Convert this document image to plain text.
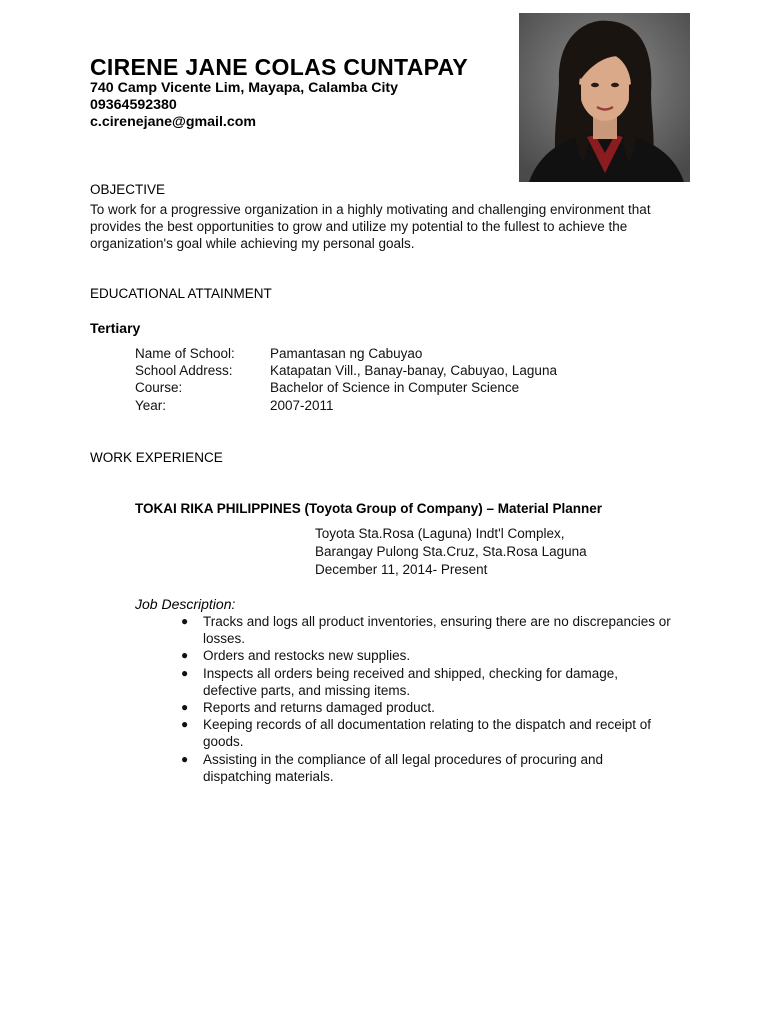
CIRENE JANE COLAS CUNTAPAY
740 Camp Vicente Lim, Mayapa, Calamba City
09364592380
c.cirenejane@gmail.com
OBJECTIVE
To work for a progressive organization in a highly motivating and challenging environment that provides the best opportunities to grow and utilize my potential to the fullest to achieve the organization's goal while achieving my personal goals.
EDUCATIONAL ATTAINMENT
Tertiary
Name of School:	Pamantasan ng Cabuyao
School Address:	Katapatan Vill., Banay-banay, Cabuyao, Laguna
Course:	Bachelor of Science in Computer Science
Year:	2007-2011
WORK EXPERIENCE
TOKAI RIKA PHILIPPINES (Toyota Group of Company) – Material Planner
Toyota Sta.Rosa (Laguna) Indt'l Complex,
Barangay Pulong Sta.Cruz, Sta.Rosa Laguna
December 11, 2014- Present
Job Description:
● Tracks and logs all product inventories, ensuring there are no discrepancies or losses.
● Orders and restocks new supplies.
● Inspects all orders being received and shipped, checking for damage, defective parts, and missing items.
● Reports and returns damaged product.
● Keeping records of all documentation relating to the dispatch and receipt of goods.
● Assisting in the compliance of all legal procedures of procuring and dispatching materials.
